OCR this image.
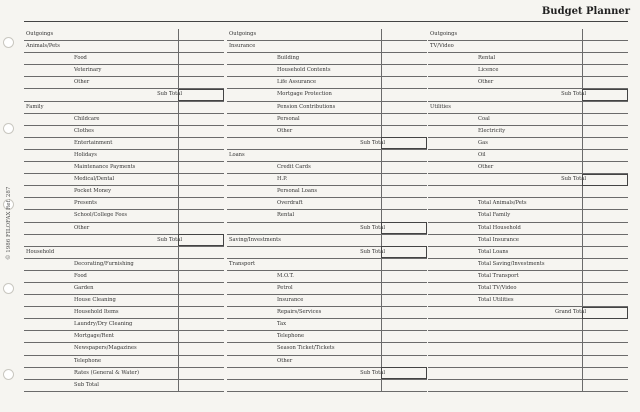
Budget Planner
© 1986 FILOFAX Ref. 287
Outgoings
Animals/Pets
Food
Veterinary
Other
Sub Total
Family
Childcare
Clothes
Entertainment
Holidays
Maintenance Payments
Medical/Dental
Pocket Money
Presents
School/College Fees
Other
Sub Total
Household
Decorating/Furnishing
Food
Garden
House Cleaning
Household Items
Laundry/Dry Cleaning
Mortgage/Rent
Newspapers/Magazines
Telephone
Rates (General & Water)
Sub Total
Outgoings
Insurance
Building
Household Contents
Life Assurance
Mortgage Protection
Pension Contributions
Personal
Other
Sub Total
Loans
Credit Cards
H.P.
Personal Loans
Overdraft
Rental
Sub Total
Saving/Investments
Sub Total
Transport
M.O.T.
Petrol
Insurance
Repairs/Services
Tax
Telephone
Season Ticket/Tickets
Other
Sub Total
Outgoings
TV/Video
Rental
Licence
Other
Sub Total
Utilities
Coal
Electricity
Gas
Oil
Other
Sub Total
Total Animals/Pets
Total Family
Total Household
Total Insurance
Total Loans
Total Saving/Investments
Total Transport
Total TV/Video
Total Utilities
Grand Total
